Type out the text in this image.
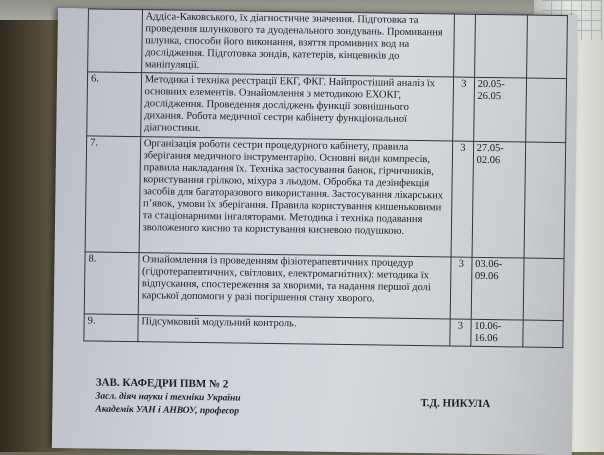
	Аддіса-Каковського, їх діагностичне значення. Підготовка та проведення шлункового та дуоденального зондувань. Промивання шлунка, способи його виконання, взяття промивних вод на дослідження. Підготовка зондів, катетерів, кінцевиків до маніпуляції.			
6.	Методика і техніка реєстрації ЕКГ, ФКГ. Найпростіший аналіз їх основних елементів. Ознайомлення з методикою ЕХОКГ, дослідження. Проведення досліджень функції зовнішнього дихання. Робота медичної сестри кабінету функціональної діагностики.	3	20.05-26.05	
7.	Організація роботи сестри процедурного кабінету, правила зберігання медичного інструментарію. Основні види компресів, правила накладання їх. Техніка застосування банок, гірчичників, користування грілкою, міхура з льодом. Обробка та дезінфекція засобів для багаторазового використання. Застосування лікарських п’явок, умови їх зберігання. Правила користування кишеньковими та стаціонарними інгаляторами. Методика і техніка подавання зволоженого кисню та користування кисневою подушкою.	3	27.05-02.06	
8.	Ознайомлення із проведенням фізіотерапевтичних процедур (гідротерапевтичних, світлових, електромагнітних): методика їх відпускання, спостереження за хворими, та надання першої долі карської допомоги у разі погіршення стану хворого.	3	03.06-09.06	
9.	Підсумковий модульний контроль.	3	10.06-16.06	
ЗАВ. КАФЕДРИ ПВМ № 2
Засл. діяч науки і техніки України
Академік УАН і АНВОУ, професор
Т.Д. НИКУЛА
